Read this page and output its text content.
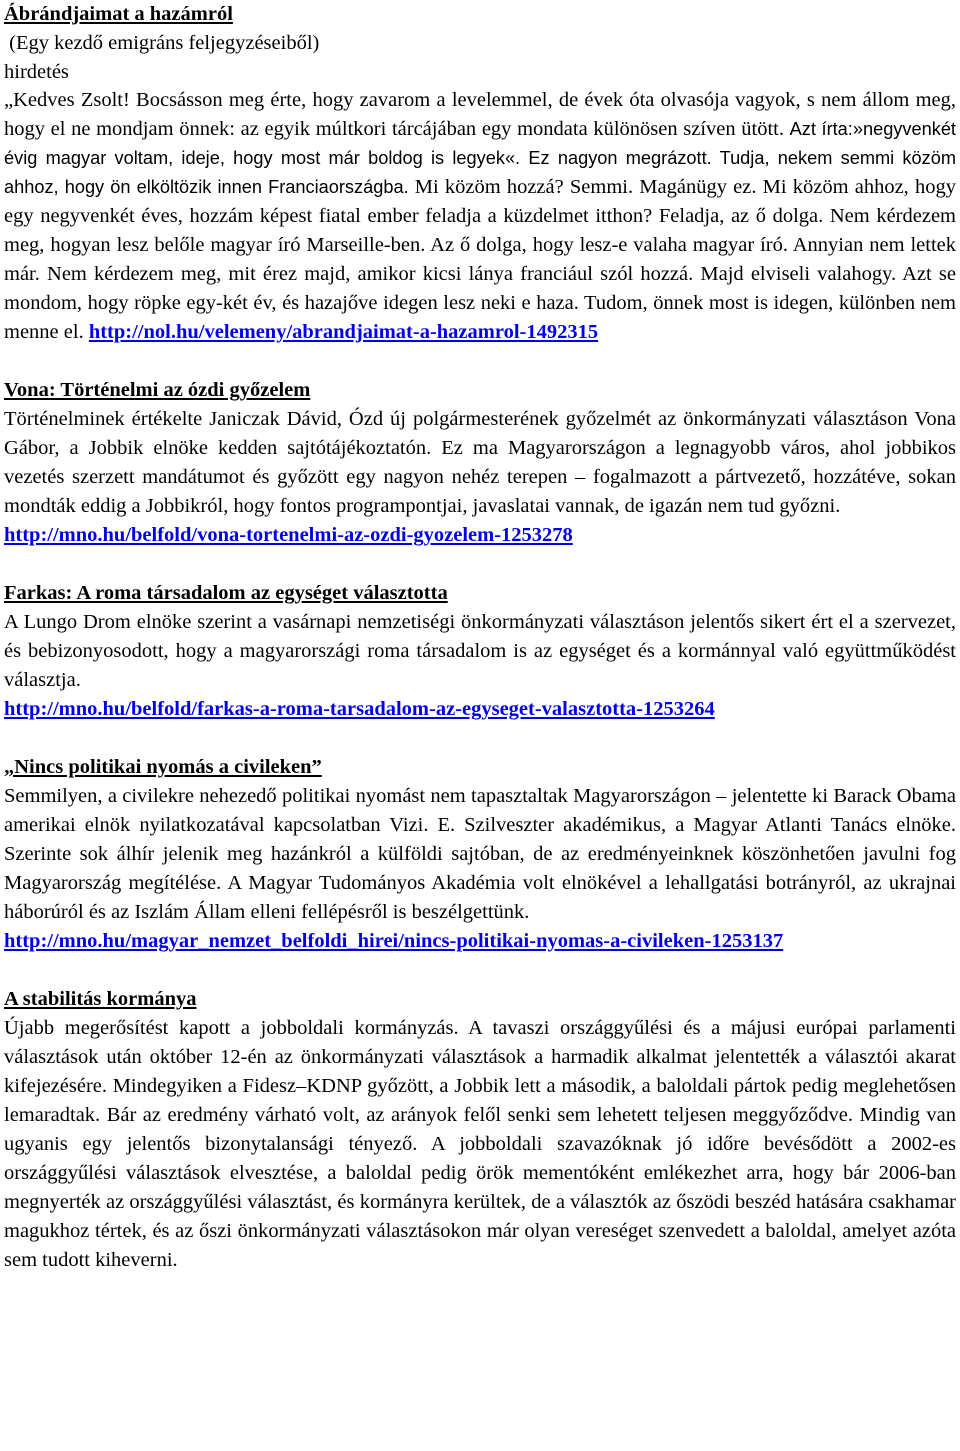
Ábrándjaimat a hazámról
(Egy kezdő emigráns feljegyzéseiből)
hirdetés

„Kedves Zsolt! Bocsásson meg érte, hogy zavarom a levelemmel, de évek óta olvasója vagyok, s nem állom meg, hogy el ne mondjam önnek: az egyik múltkori tárcájában egy mondata különösen szíven ütött. Azt írta:»negyvenkét évig magyar voltam, ideje, hogy most már boldog is legyek«. Ez nagyon megrázott. Tudja, nekem semmi közöm ahhoz, hogy ön elköltözik innen Franciaországba. Mi közöm hozzá? Semmi. Magánügy ez. Mi közöm ahhoz, hogy egy negyvenkét éves, hozzám képest fiatal ember feladja a küzdelmet itthon? Feladja, az ő dolga. Nem kérdezem meg, hogyan lesz belőle magyar író Marseille-ben. Az ő dolga, hogy lesz-e valaha magyar író. Annyian nem lettek már. Nem kérdezem meg, mit érez majd, amikor kicsi lánya franciául szól hozzá. Majd elviseli valahogy. Azt se mondom, hogy röpke egy-két év, és hazajőve idegen lesz neki e haza. Tudom, önnek most is idegen, különben nem menne el. http://nol.hu/velemeny/abrandjaimat-a-hazamrol-1492315

Vona: Történelmi az ózdi győzelem

Történelminek értékelte Janiczak Dávid, Ózd új polgármesterének győzelmét az önkormányzati választáson Vona Gábor, a Jobbik elnöke kedden sajtótájékoztatón. Ez ma Magyarországon a legnagyobb város, ahol jobbikos vezetés szerzett mandátumot és győzött egy nagyon nehéz terepen – fogalmazott a pártvezető, hozzátéve, sokan mondták eddig a Jobbikról, hogy fontos programpontjai, javaslatai vannak, de igazán nem tud győzni.

http://mno.hu/belfold/vona-tortenelmi-az-ozdi-gyozelem-1253278
Farkas: A roma társadalom az egységet választotta

A Lungo Drom elnöke szerint a vasárnapi nemzetiségi önkormányzati választáson jelentős sikert ért el a szervezet, és bebizonyosodott, hogy a magyarországi roma társadalom is az egységet és a kormánnyal való együttműködést választja.

http://mno.hu/belfold/farkas-a-roma-tarsadalom-az-egyseget-valasztotta-1253264
„Nincs politikai nyomás a civileken”

Semmilyen, a civilekre nehezedő politikai nyomást nem tapasztaltak Magyarországon – jelentette ki Barack Obama amerikai elnök nyilatkozatával kapcsolatban Vizi. E. Szilveszter akadémikus, a Magyar Atlanti Tanács elnöke. Szerinte sok álhír jelenik meg hazánkról a külföldi sajtóban, de az eredményeinknek köszönhetően javulni fog Magyarország megítélése. A Magyar Tudományos Akadémia volt elnökével a lehallgatási botrányról, az ukrajnai háborúról és az Iszlám Állam elleni fellépésről is beszélgettünk.

http://mno.hu/magyar_nemzet_belfoldi_hirei/nincs-politikai-nyomas-a-civileken-1253137
A stabilitás kormánya

Újabb megerősítést kapott a jobboldali kormányzás. A tavaszi országgyűlési és a májusi európai parlamenti választások után október 12-én az önkormányzati választások a harmadik alkalmat jelentették a választói akarat kifejezésére. Mindegyiken a Fidesz–KDNP győzött, a Jobbik lett a második, a baloldali pártok pedig meglehetősen lemaradtak. Bár az eredmény várható volt, az arányok felől senki sem lehetett teljesen meggyőződve. Mindig van ugyanis egy jelentős bizonytalansági tényező. A jobboldali szavazóknak jó időre bevésődött a 2002-es országgyűlési választások elvesztése, a baloldal pedig örök mementóként emlékezhet arra, hogy bár 2006-ban megnyerték az országgyűlési választást, és kormányra kerültek, de a választók az őszödi beszéd hatására csakhamar magukhoz tértek, és az őszi önkormányzati választásokon már olyan vereséget szenvedett a baloldal, amelyet azóta sem tudott kiheverni.
